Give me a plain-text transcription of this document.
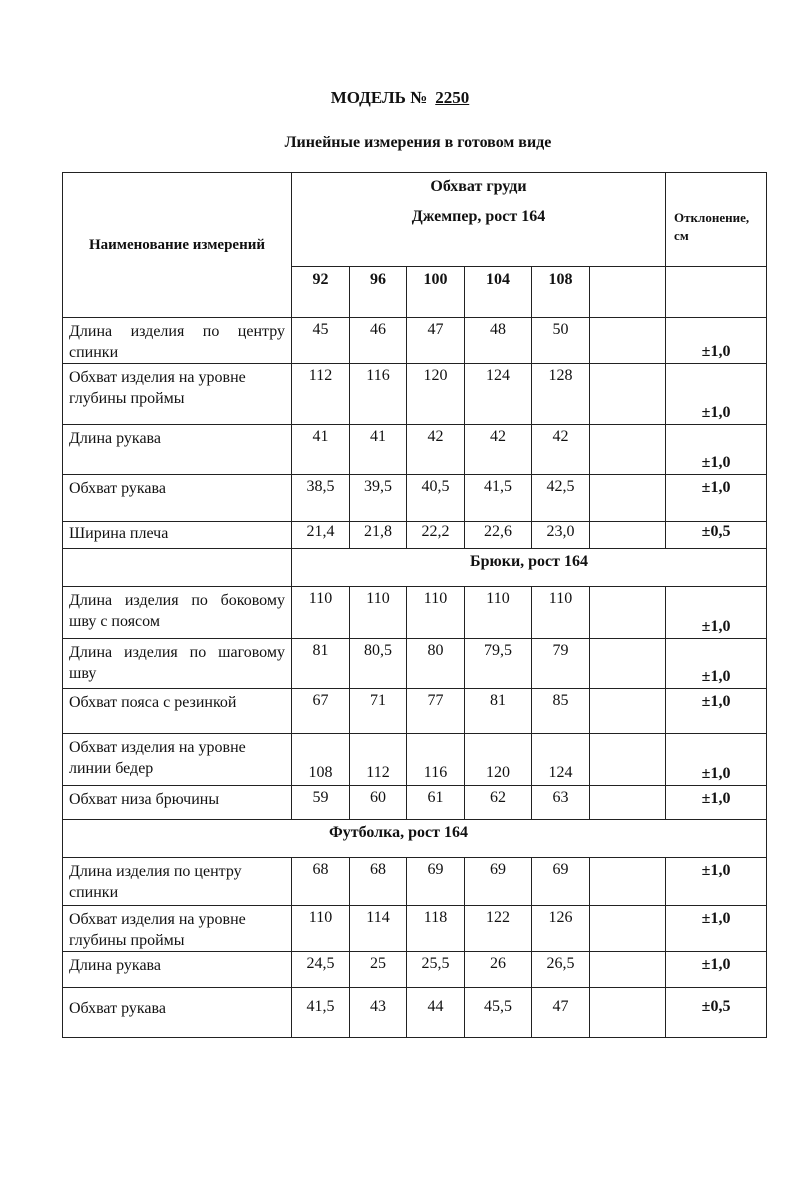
МОДЕЛЬ № 2250
Линейные измерения в готовом виде
Наименование измерений	Обхват груди
Джемпер, рост 164						Отклонение, см
	92	96	100	104	108		
Длина изделия по центру спинки	45	46	47	48	50		±1,0
Обхват изделия на уровне глубины проймы	112	116	120	124	128		±1,0
Длина рукава	41	41	42	42	42		±1,0
Обхват рукава	38,5	39,5	40,5	41,5	42,5		±1,0
Ширина плеча	21,4	21,8	22,2	22,6	23,0		±0,5
	Брюки, рост 164						
Длина изделия по боковому шву с поясом	110	110	110	110	110		±1,0
Длина изделия по шаговому шву	81	80,5	80	79,5	79		±1,0
Обхват пояса с резинкой	67	71	77	81	85		±1,0
Обхват изделия на уровне линии бедер	108	112	116	120	124		±1,0
Обхват низа брючины	59	60	61	62	63		±1,0
Футболка, рост 164							
Длина изделия по центру спинки	68	68	69	69	69		±1,0
Обхват изделия на уровне глубины проймы	110	114	118	122	126		±1,0
Длина рукава	24,5	25	25,5	26	26,5		±1,0
Обхват рукава	41,5	43	44	45,5	47		±0,5
